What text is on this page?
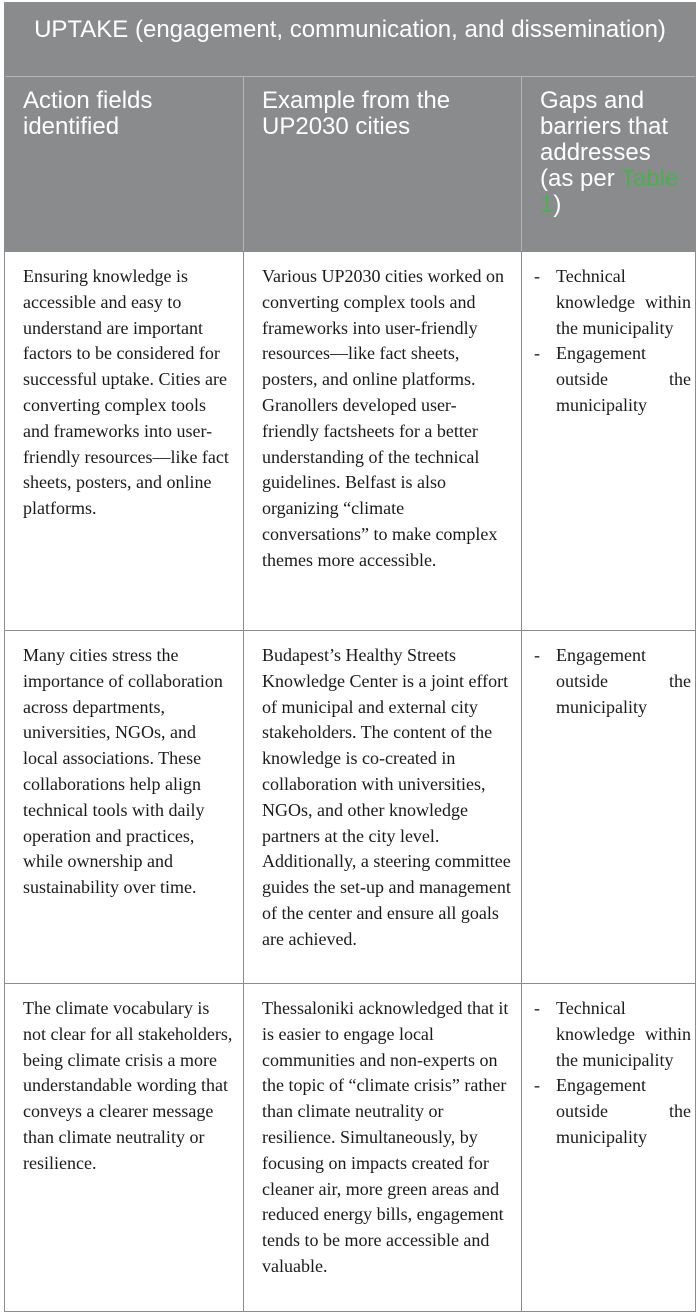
UPTAKE (engagement, communication, and dissemination)
Action fields identified
Example from the UP2030 cities
Gaps and barriers that addresses (as per Table 1)
Ensuring knowledge is accessible and easy to understand are important factors to be considered for successful uptake. Cities are converting complex tools and frameworks into user-friendly resources—like fact sheets, posters, and online platforms.
Various UP2030 cities worked on converting complex tools and frameworks into user-friendly resources—like fact sheets, posters, and online platforms. Granollers developed user-friendly factsheets for a better understanding of the technical guidelines. Belfast is also organizing “climate conversations” to make complex themes more accessible.
- Technical knowledge within the municipality
- Engagement outside the municipality
Many cities stress the importance of collaboration across departments, universities, NGOs, and local associations. These collaborations help align technical tools with daily operation and practices, while ownership and sustainability over time.
Budapest’s Healthy Streets Knowledge Center is a joint effort of municipal and external city stakeholders. The content of the knowledge is co-created in collaboration with universities, NGOs, and other knowledge partners at the city level. Additionally, a steering committee guides the set-up and management of the center and ensure all goals are achieved.
- Engagement outside the municipality
The climate vocabulary is not clear for all stakeholders, being climate crisis a more understandable wording that conveys a clearer message than climate neutrality or resilience.
Thessaloniki acknowledged that it is easier to engage local communities and non-experts on the topic of “climate crisis” rather than climate neutrality or resilience. Simultaneously, by focusing on impacts created for cleaner air, more green areas and reduced energy bills, engagement tends to be more accessible and valuable.
- Technical knowledge within the municipality
- Engagement outside the municipality
